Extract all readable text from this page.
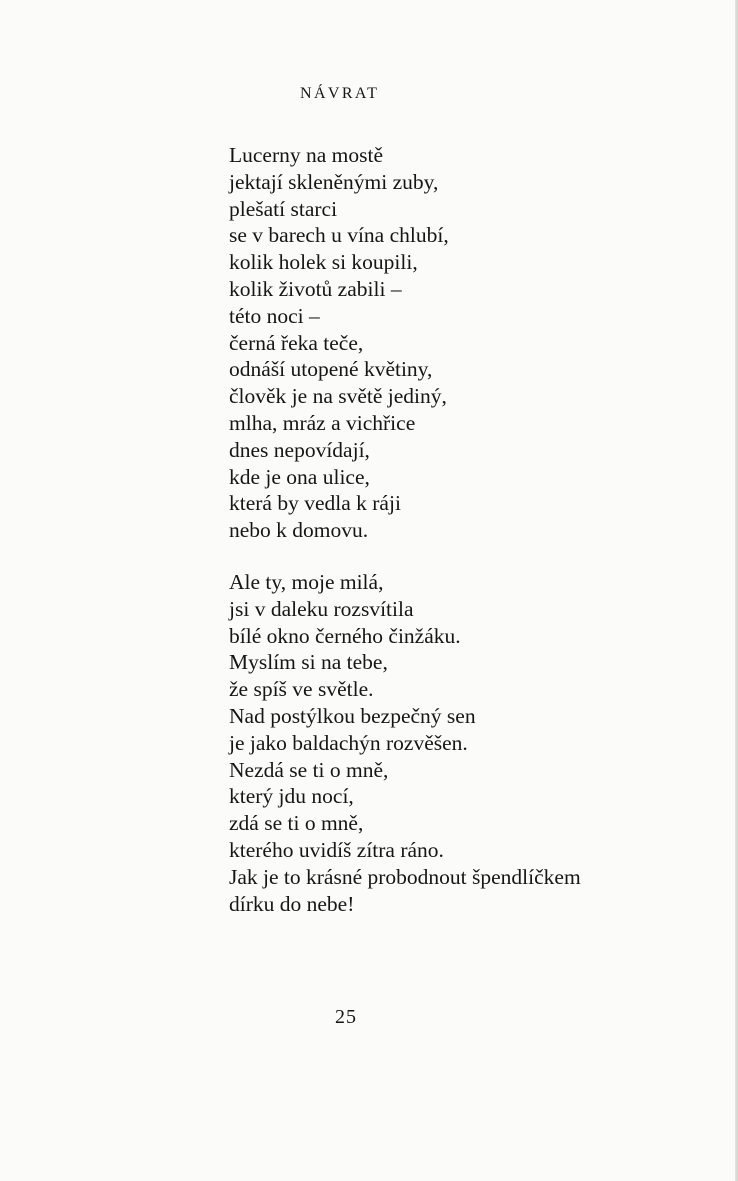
NÁVRAT
Lucerny na mostě
jektají skleněnými zuby,
plešatí starci
se v barech u vína chlubí,
kolik holek si koupili,
kolik životů zabili –
této noci –
černá řeka teče,
odnáší utopené květiny,
člověk je na světě jediný,
mlha, mráz a vichřice
dnes nepovídají,
kde je ona ulice,
která by vedla k ráji
nebo k domovu.
Ale ty, moje milá,
jsi v daleku rozsvítila
bílé okno černého činžáku.
Myslím si na tebe,
že spíš ve světle.
Nad postýlkou bezpečný sen
je jako baldachýn rozvěšen.
Nezdá se ti o mně,
který jdu nocí,
zdá se ti o mně,
kterého uvidíš zítra ráno.
Jak je to krásné probodnout špendlíčkem
dírku do nebe!
25
